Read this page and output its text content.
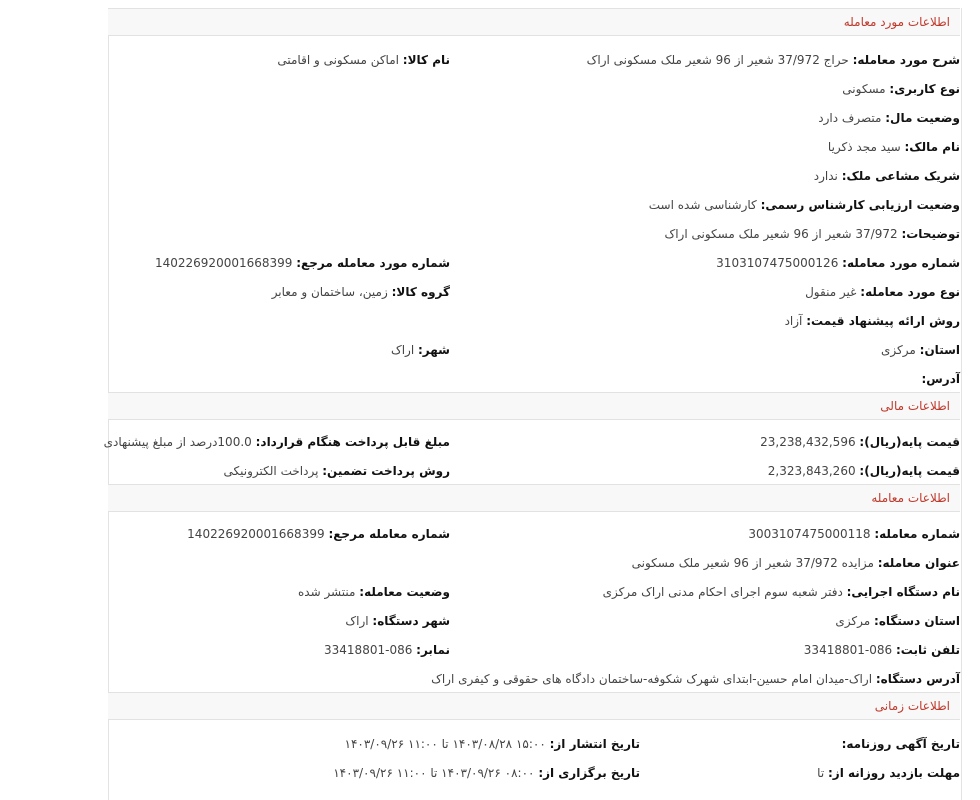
اطلاعات مورد معامله
شرح مورد معامله: حراج 37/972 شعیر از 96 شعیر ملک مسکونی اراک
نام کالا: اماکن مسکونی و اقامتی
نوع کاربری: مسکونی
وضعیت مال: متصرف دارد
نام مالک: سید مجد ذکریا
شریک مشاعی ملک: ندارد
وضعیت ارزیابی کارشناس رسمی: کارشناسی شده است
توضیحات: 37/972 شعیر از 96 شعیر ملک مسکونی اراک
شماره مورد معامله: 3103107475000126
شماره مورد معامله مرجع: 140226920001668399
نوع مورد معامله: غیر منقول
گروه کالا: زمین، ساختمان و معابر
روش ارائه پیشنهاد قیمت: آزاد
استان: مرکزی
شهر: اراک
آدرس:
اطلاعات مالی
قیمت پایه(ریال): 23,238,432,596
مبلغ قابل پرداخت هنگام قرارداد: 100.0درصد از مبلغ پیشنهادی
قیمت پایه(ریال): 2,323,843,260
روش پرداخت تضمین: پرداخت الکترونیکی
اطلاعات معامله
شماره معامله: 3003107475000118
شماره معامله مرجع: 140226920001668399
عنوان معامله: مزایده 37/972 شعیر از 96 شعیر ملک مسکونی
نام دستگاه اجرایی: دفتر شعبه سوم اجرای احکام مدنی اراک مرکزی
وضعیت معامله: منتشر شده
استان دستگاه: مرکزی
شهر دستگاه: اراک
تلفن ثابت: 086-33418801
نمابر: 086-33418801
آدرس دستگاه: اراک-میدان امام حسین-ابتدای شهرک شکوفه-ساختمان دادگاه های حقوقی و کیفری اراک
اطلاعات زمانی
تاریخ آگهی روزنامه:
تاریخ انتشار از: ۱۵:۰۰ ۱۴۰۳/۰۸/۲۸ تا ۱۱:۰۰ ۱۴۰۳/۰۹/۲۶
مهلت بازدید روزانه از: تا
تاریخ برگزاری از: ۰۸:۰۰ ۱۴۰۳/۰۹/۲۶ تا ۱۱:۰۰ ۱۴۰۳/۰۹/۲۶
